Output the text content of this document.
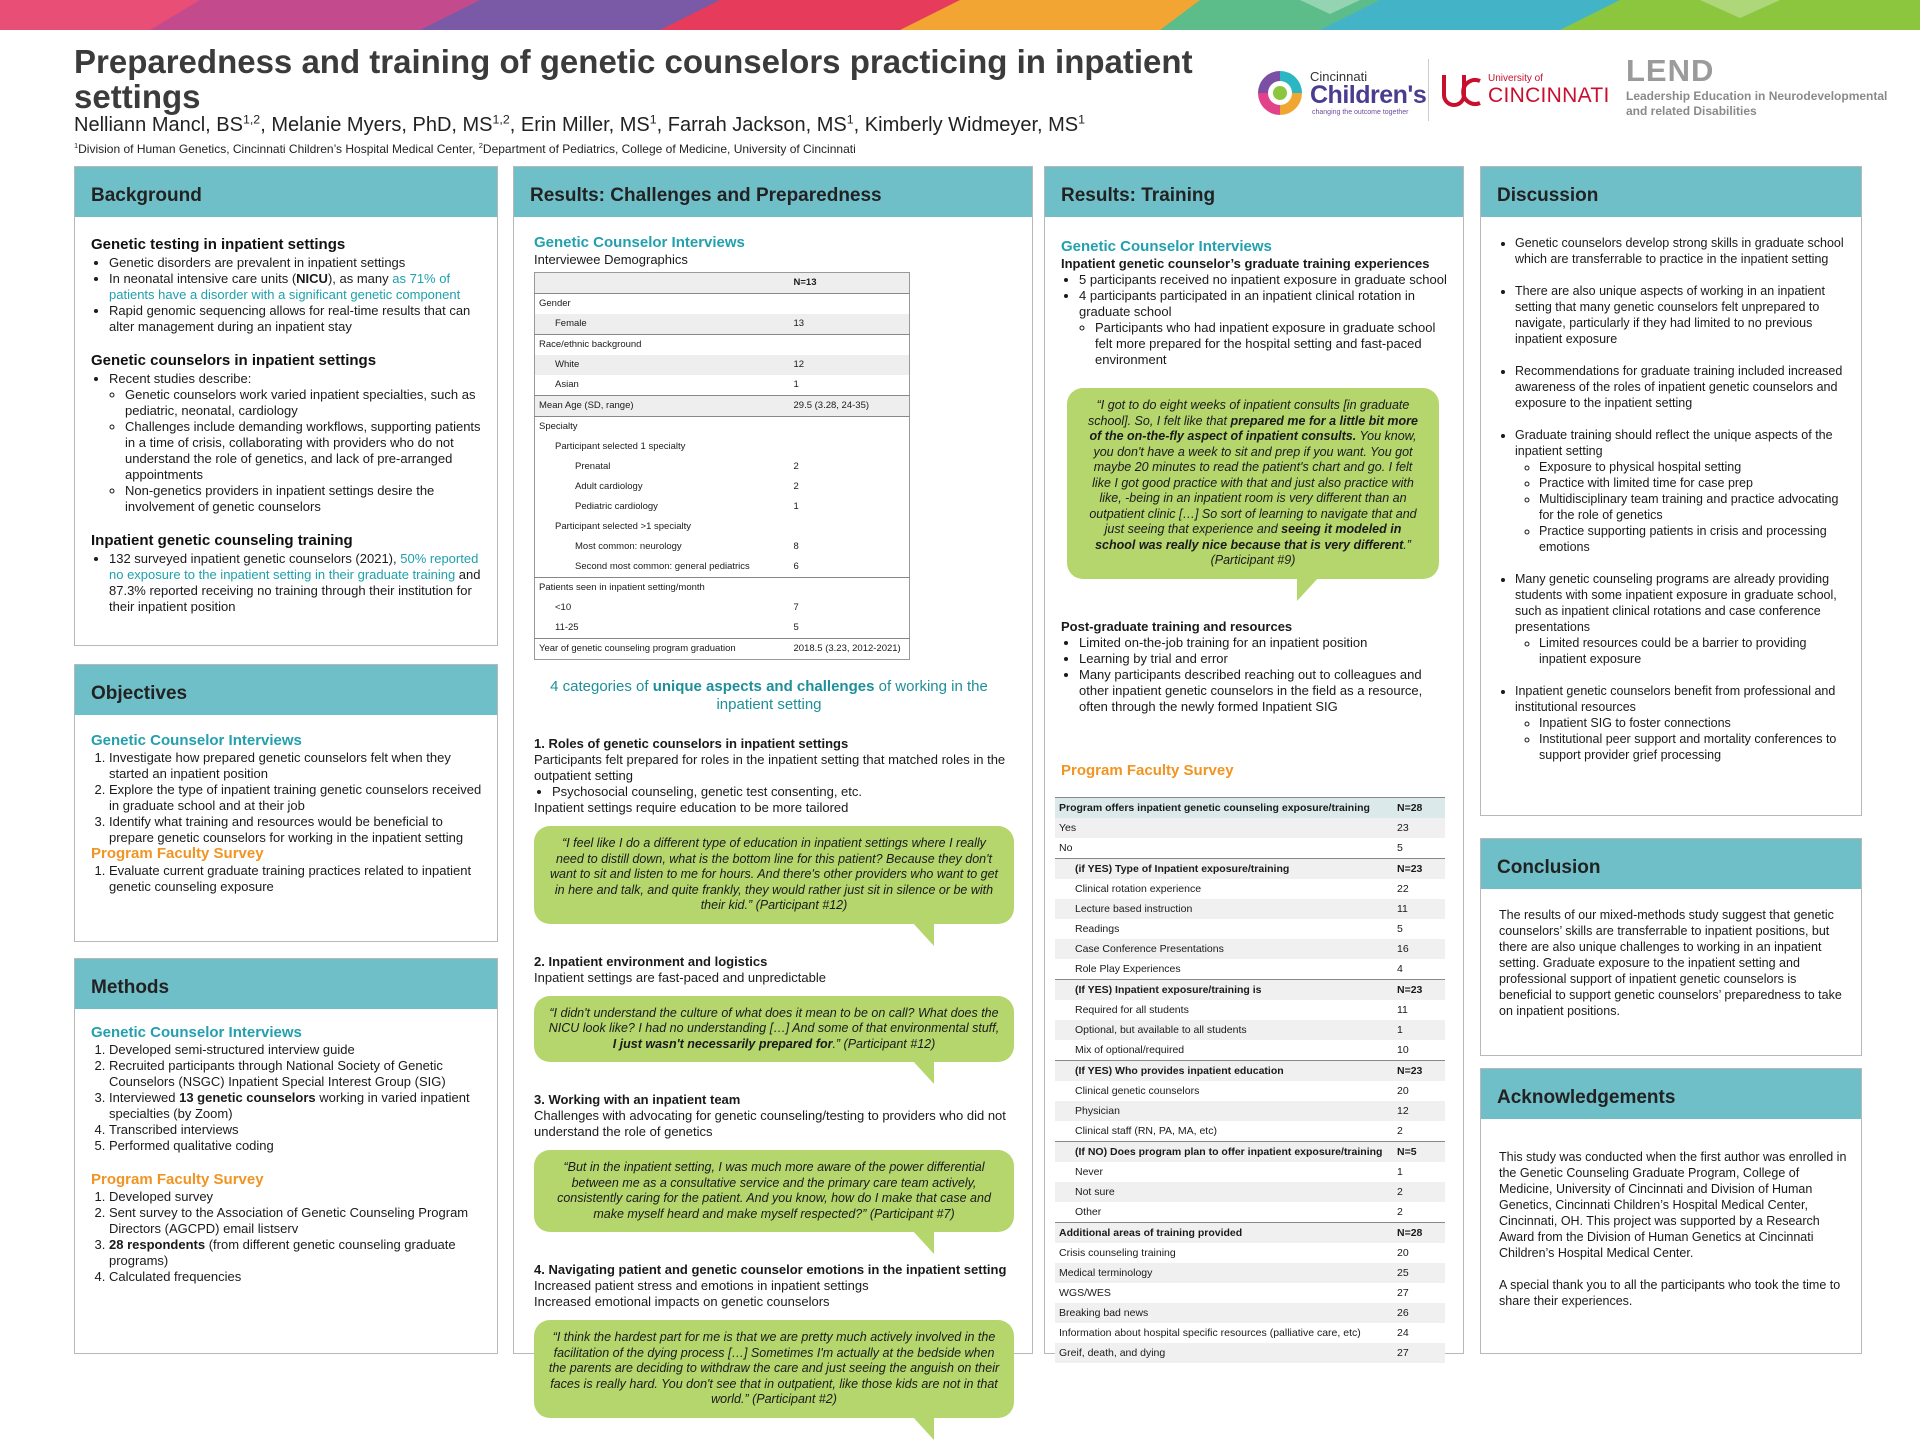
Preparedness and training of genetic counselors practicing in inpatient settings
Nelliann Mancl, BS$^{1,2}$, Melanie Myers, PhD, MS$^{1,2}$, Erin Miller, $MS^1$, Farrah Jackson, $MS^1$, Kimberly Widmeyer, $MS^1$
$^1$Division of Human Genetics, Cincinnati Children’s Hospital Medical Center, $^2$Department of Pediatrics, College of Medicine, University of Cincinnati
Cincinnati
Children's
changing the outcome together
University of
CINCINNATI
LEND
Leadership Education in Neurodevelopmental
and related Disabilities
Background
Genetic testing in inpatient settings
• Genetic disorders are prevalent in inpatient settings
• In neonatal intensive care units (NICU), as many as 71% of patients have a disorder with a significant genetic component
• Rapid genomic sequencing allows for real-time results that can alter management during an inpatient stay
Genetic counselors in inpatient settings
• Recent studies describe:
◦ Genetic counselors work varied inpatient specialties, such as pediatric, neonatal, cardiology
◦ Challenges include demanding workflows, supporting patients in a time of crisis, collaborating with providers who do not understand the role of genetics, and lack of pre-arranged appointments
◦ Non-genetics providers in inpatient settings desire the involvement of genetic counselors
Inpatient genetic counseling training
• 132 surveyed inpatient genetic counselors (2021), 50% reported no exposure to the inpatient setting in their graduate training and 87.3% reported receiving no training through their institution for their inpatient position
Objectives
Genetic Counselor Interviews
1. Investigate how prepared genetic counselors felt when they started an inpatient position
2. Explore the type of inpatient training genetic counselors received in graduate school and at their job
3. Identify what training and resources would be beneficial to prepare genetic counselors for working in the inpatient setting
Program Faculty Survey
1. Evaluate current graduate training practices related to inpatient genetic counseling exposure
Methods
Genetic Counselor Interviews
1. Developed semi-structured interview guide
2. Recruited participants through National Society of Genetic Counselors (NSGC) Inpatient Special Interest Group (SIG)
3. Interviewed 13 genetic counselors working in varied inpatient specialties (by Zoom)
4. Transcribed interviews
5. Performed qualitative coding
Program Faculty Survey
1. Developed survey
2. Sent survey to the Association of Genetic Counseling Program Directors (AGCPD) email listserv
3. 28 respondents (from different genetic counseling graduate programs)
4. Calculated frequencies
Results: Challenges and Preparedness
Genetic Counselor Interviews
Interviewee Demographics
	N=13
Gender	
Female	13
Race/ethnic background	
White	12
Asian	1
Mean Age (SD, range)	29.5 (3.28, 24-35)
Specialty	
Participant selected 1 specialty	
Prenatal	2
Adult cardiology	2
Pediatric cardiology	1
Participant selected >1 specialty	
Most common: neurology	8
Second most common: general pediatrics	6
Patients seen in inpatient setting/month	
<10	7
11-25	5
Year of genetic counseling program graduation	2018.5 (3.23, 2012-2021)
4 categories of unique aspects and challenges of working in the inpatient setting
1. Roles of genetic counselors in inpatient settings
Participants felt prepared for roles in the inpatient setting that matched roles in the outpatient setting
• Psychosocial counseling, genetic test consenting, etc.
Inpatient settings require education to be more tailored
“I feel like I do a different type of education in inpatient settings where I really need to distill down, what is the bottom line for this patient? Because they don't want to sit and listen to me for hours. And there's other providers who want to get in here and talk, and quite frankly, they would rather just sit in silence or be with their kid.” (Participant #12)
2. Inpatient environment and logistics
Inpatient settings are fast-paced and unpredictable
“I didn't understand the culture of what does it mean to be on call? What does the NICU look like? I had no understanding […] And some of that environmental stuff, I just wasn't necessarily prepared for.” (Participant #12)
3. Working with an inpatient team
Challenges with advocating for genetic counseling/testing to providers who did not understand the role of genetics
“But in the inpatient setting, I was much more aware of the power differential between me as a consultative service and the primary care team actively, consistently caring for the patient. And you know, how do I make that case and make myself heard and make myself respected?” (Participant #7)
4. Navigating patient and genetic counselor emotions in the inpatient setting
Increased patient stress and emotions in inpatient settings
Increased emotional impacts on genetic counselors
“I think the hardest part for me is that we are pretty much actively involved in the facilitation of the dying process […] Sometimes I'm actually at the bedside when the parents are deciding to withdraw the care and just seeing the anguish on their faces is really hard. You don't see that in outpatient, like those kids are not in that world.” (Participant #2)
Results: Training
Genetic Counselor Interviews
Inpatient genetic counselor’s graduate training experiences
• 5 participants received no inpatient exposure in graduate school
• 4 participants participated in an inpatient clinical rotation in graduate school
◦ Participants who had inpatient exposure in graduate school felt more prepared for the hospital setting and fast-paced environment
“I got to do eight weeks of inpatient consults [in graduate school]. So, I felt like that prepared me for a little bit more of the on-the-fly aspect of inpatient consults. You know, you don't have a week to sit and prep if you want. You got maybe 20 minutes to read the patient's chart and go. I felt like I got good practice with that and just also practice with like, -being in an inpatient room is very different than an outpatient clinic […] So sort of learning to navigate that and just seeing that experience and seeing it modeled in school was really nice because that is very different.” (Participant #9)
Post-graduate training and resources
• Limited on-the-job training for an inpatient position
• Learning by trial and error
• Many participants described reaching out to colleagues and other inpatient genetic counselors in the field as a resource, often through the newly formed Inpatient SIG
Program Faculty Survey
Program offers inpatient genetic counseling exposure/training	N=28
Yes	23
No	5
(if YES) Type of Inpatient exposure/training	N=23
Clinical rotation experience	22
Lecture based instruction	11
Readings	5
Case Conference Presentations	16
Role Play Experiences	4
(If YES) Inpatient exposure/training is	N=23
Required for all students	11
Optional, but available to all students	1
Mix of optional/required	10
(If YES) Who provides inpatient education	N=23
Clinical genetic counselors	20
Physician	12
Clinical staff (RN, PA, MA, etc)	2
(If NO) Does program plan to offer inpatient exposure/training	N=5
Never	1
Not sure	2
Other	2
Additional areas of training provided	N=28
Crisis counseling training	20
Medical terminology	25
WGS/WES	27
Breaking bad news	26
Information about hospital specific resources (palliative care, etc)	24
Greif, death, and dying	27
Discussion
• Genetic counselors develop strong skills in graduate school which are transferrable to practice in the inpatient setting
• There are also unique aspects of working in an inpatient setting that many genetic counselors felt unprepared to navigate, particularly if they had limited to no previous inpatient exposure
• Recommendations for graduate training included increased awareness of the roles of inpatient genetic counselors and exposure to the inpatient setting
• Graduate training should reflect the unique aspects of the inpatient setting
◦ Exposure to physical hospital setting
◦ Practice with limited time for case prep
◦ Multidisciplinary team training and practice advocating for the role of genetics
◦ Practice supporting patients in crisis and processing emotions
• Many genetic counseling programs are already providing students with some inpatient exposure in graduate school, such as inpatient clinical rotations and case conference presentations
◦ Limited resources could be a barrier to providing inpatient exposure
• Inpatient genetic counselors benefit from professional and institutional resources
◦ Inpatient SIG to foster connections
◦ Institutional peer support and mortality conferences to support provider grief processing
Conclusion
The results of our mixed-methods study suggest that genetic counselors’ skills are transferrable to inpatient positions, but there are also unique challenges to working in an inpatient setting. Graduate exposure to the inpatient setting and professional support of inpatient genetic counselors is beneficial to support genetic counselors’ preparedness to take on inpatient positions.
Acknowledgements

This study was conducted when the first author was enrolled in the Genetic Counseling Graduate Program, College of Medicine, University of Cincinnati and Division of Human Genetics, Cincinnati Children’s Hospital Medical Center, Cincinnati, OH. This project was supported by a Research Award from the Division of Human Genetics at Cincinnati Children’s Hospital Medical Center.

A special thank you to all the participants who took the time to share their experiences.
